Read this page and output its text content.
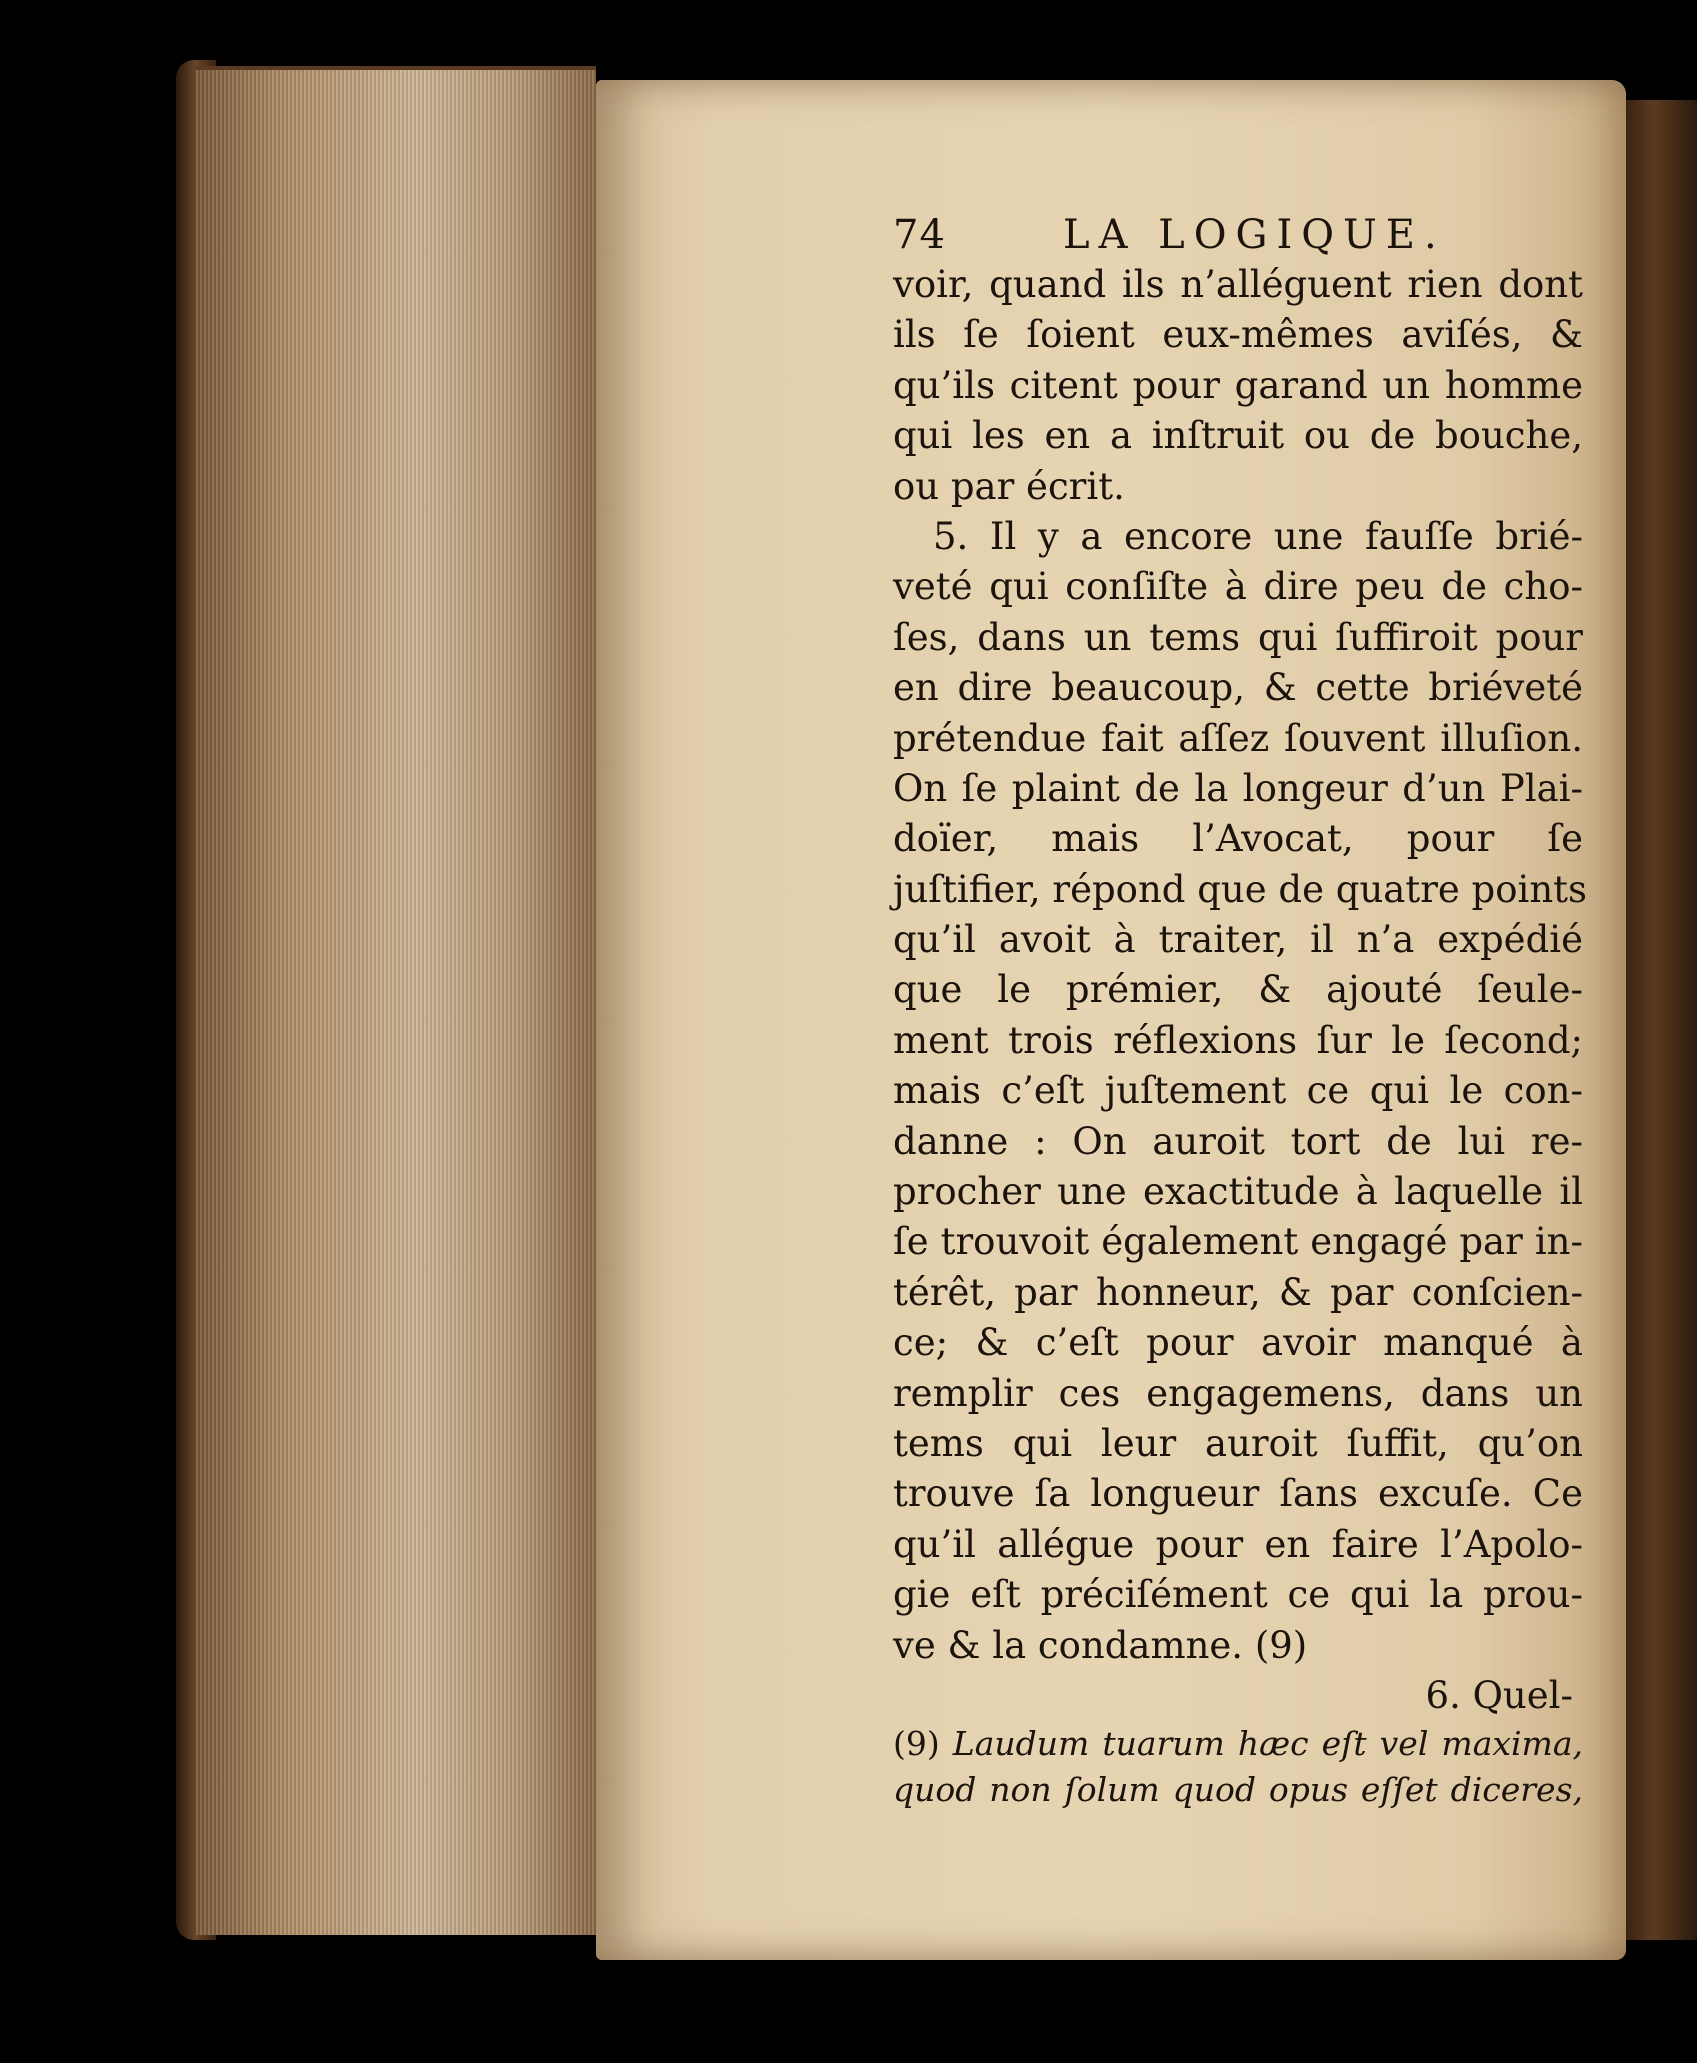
74	LA LOGIQUE.
voir, quand ils n’alléguent rien dont
ils ſe ſoient eux-mêmes aviſés, &
qu’ils citent pour garand un homme
qui les en a inſtruit ou de bouche,
ou par écrit.
5. Il y a encore une fauſſe brié-
veté qui conſiſte à dire peu de cho-
ſes, dans un tems qui ſuffiroit pour
en dire beaucoup, & cette briéveté
prétendue fait aſſez ſouvent illuſion.
On ſe plaint de la longeur d’un Plai-
doïer, mais l’Avocat, pour ſe
juſtifier, répond que de quatre points
qu’il avoit à traiter, il n’a expédié
que le prémier, & ajouté ſeule-
ment trois réflexions ſur le ſecond;
mais c’eſt juſtement ce qui le con-
danne : On auroit tort de lui re-
procher une exactitude à laquelle il
ſe trouvoit également engagé par in-
térêt, par honneur, & par conſcien-
ce; & c’eſt pour avoir manqué à
remplir ces engagemens, dans un
tems qui leur auroit ſuffit, qu’on
trouve ſa longueur ſans excuſe. Ce
qu’il allégue pour en faire l’Apolo-
gie eſt préciſément ce qui la prou-
ve & la condamne. (9)
6. Quel-
(9) Laudum tuarum hæc eſt vel maxima,
quod non ſolum quod opus eſſet diceres,
